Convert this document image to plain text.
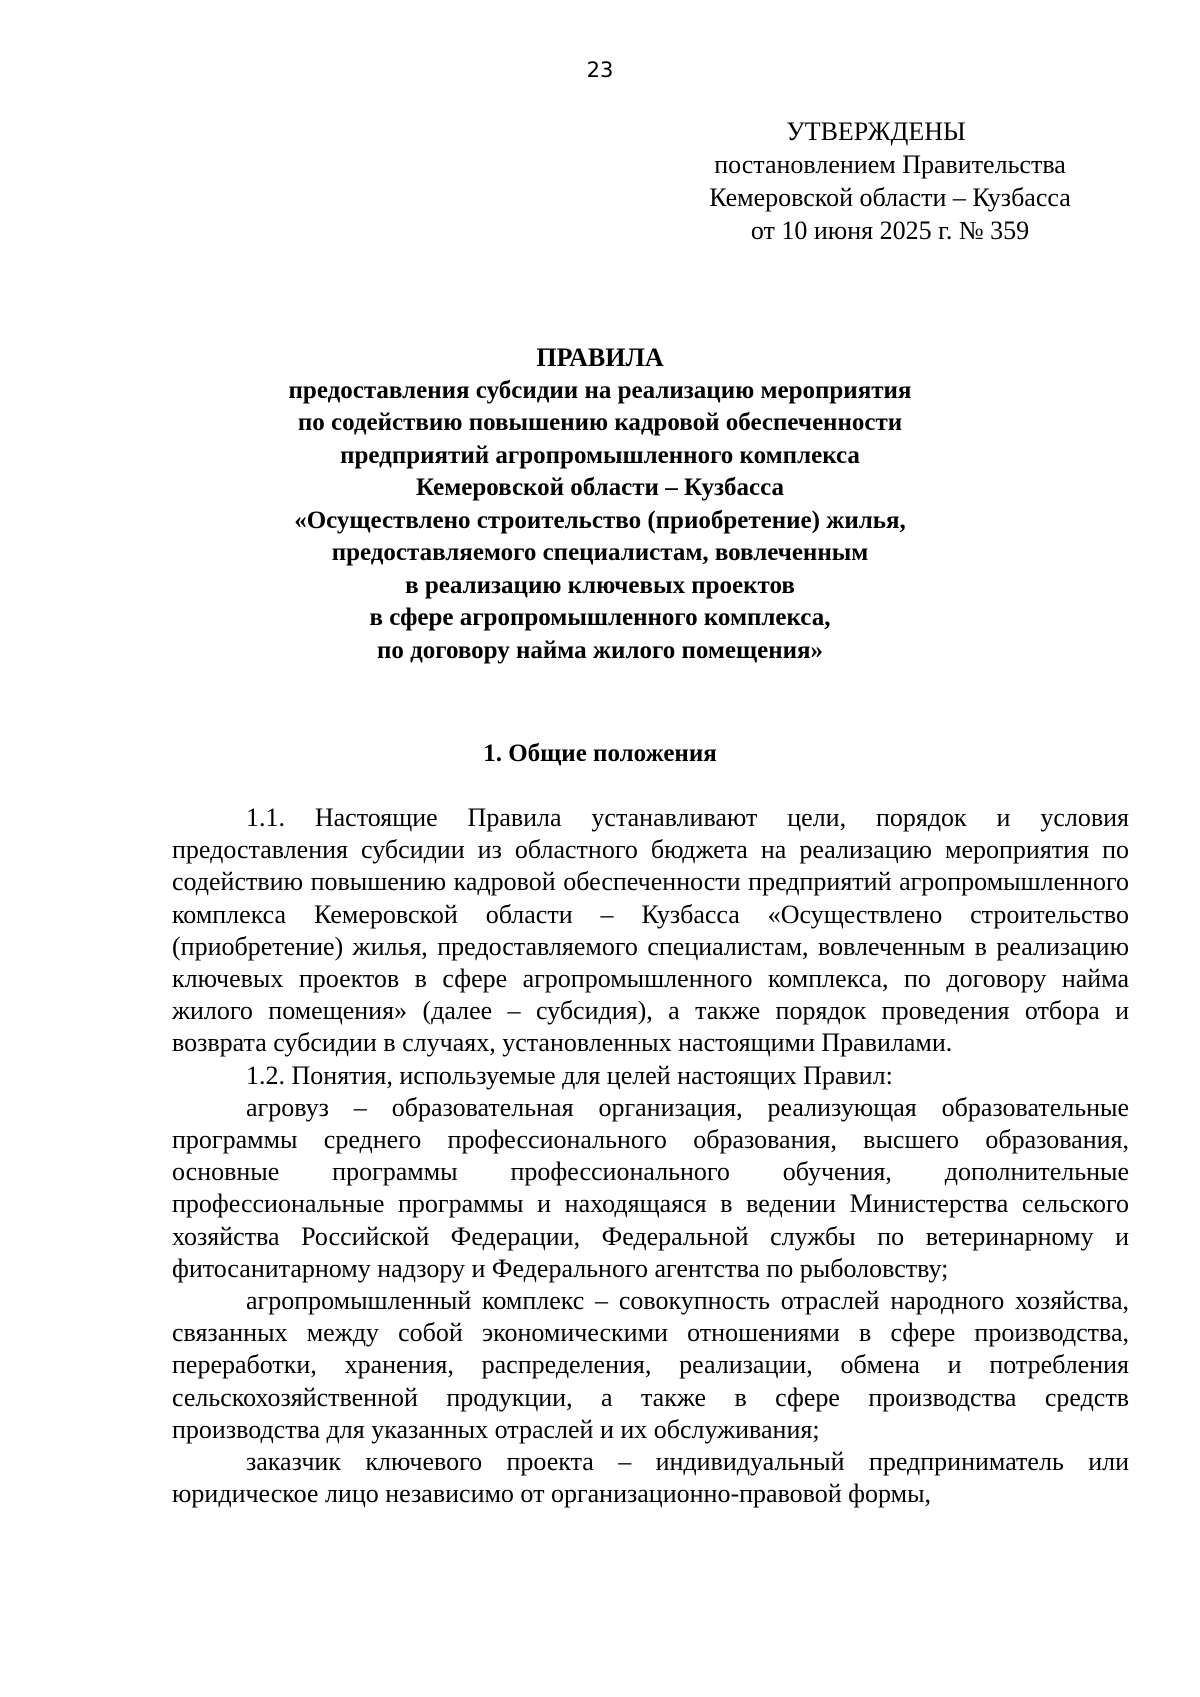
23
УТВЕРЖДЕНЫ
постановлением Правительства
Кемеровской области – Кузбасса
от 10 июня 2025 г. № 359
ПРАВИЛА
предоставления субсидии на реализацию мероприятия
по содействию повышению кадровой обеспеченности
предприятий агропромышленного комплекса
Кемеровской области – Кузбасса
«Осуществлено строительство (приобретение) жилья,
предоставляемого специалистам, вовлеченным
в реализацию ключевых проектов
в сфере агропромышленного комплекса,
по договору найма жилого помещения»
1. Общие положения

1.1. Настоящие Правила устанавливают цели, порядок и условия предоставления субсидии из областного бюджета на реализацию мероприятия по содействию повышению кадровой обеспеченности предприятий агропромышленного комплекса Кемеровской области – Кузбасса «Осуществлено строительство (приобретение) жилья, предоставляемого специалистам, вовлеченным в реализацию ключевых проектов в сфере агропромышленного комплекса, по договору найма жилого помещения» (далее – субсидия), а также порядок проведения отбора и возврата субсидии в случаях, установленных настоящими Правилами.

1.2. Понятия, используемые для целей настоящих Правил:

агровуз – образовательная организация, реализующая образовательные программы среднего профессионального образования, высшего образования, основные программы профессионального обучения, дополнительные профессиональные программы и находящаяся в ведении Министерства сельского хозяйства Российской Федерации, Федеральной службы по ветеринарному и фитосанитарному надзору и Федерального агентства по рыболовству;

агропромышленный комплекс – совокупность отраслей народного хозяйства, связанных между собой экономическими отношениями в сфере производства, переработки, хранения, распределения, реализации, обмена и потребления сельскохозяйственной продукции, а также в сфере производства средств производства для указанных отраслей и их обслуживания;

заказчик ключевого проекта – индивидуальный предприниматель или юридическое лицо независимо от организационно-правовой формы,
